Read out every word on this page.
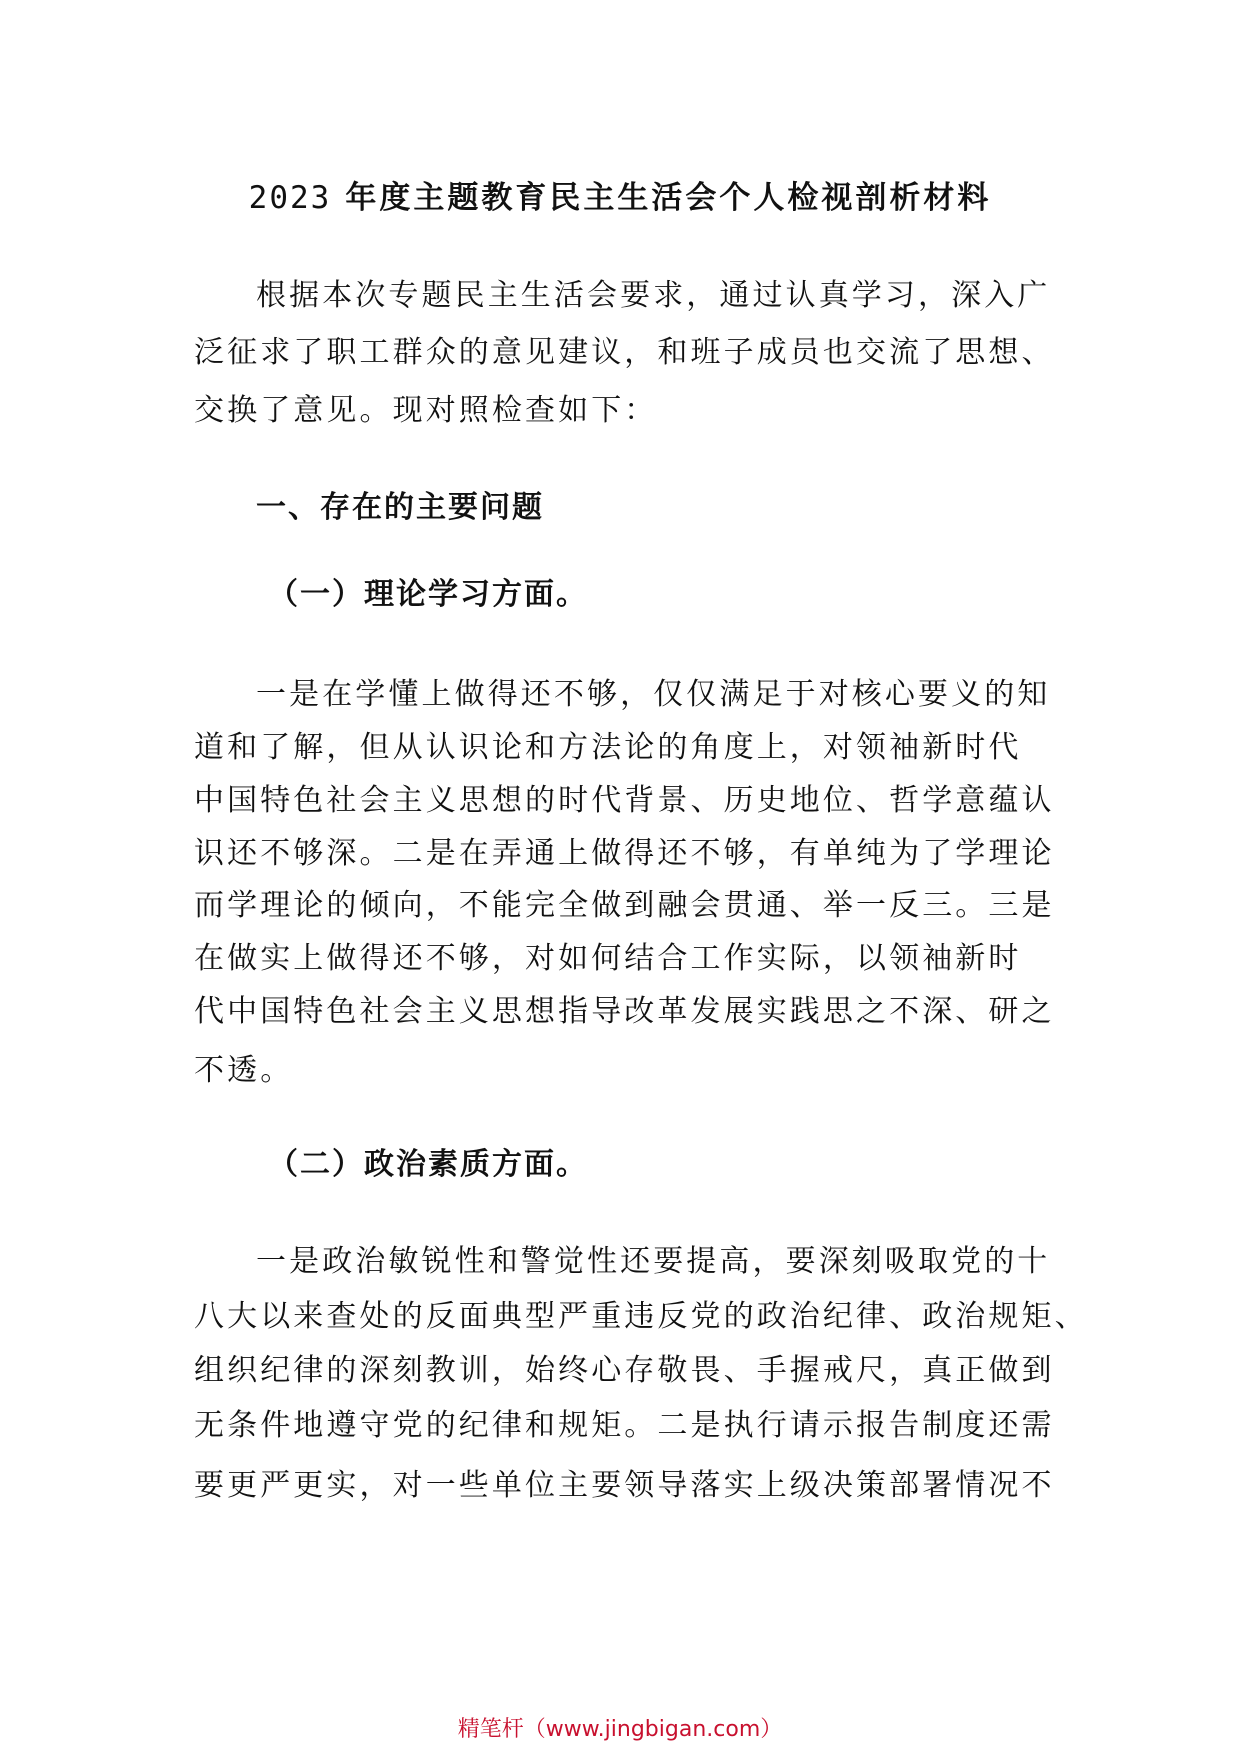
2023 年度主题教育民主生活会个人检视剖析材料
根据本次专题民主生活会要求，通过认真学习，深入广
泛征求了职工群众的意见建议，和班子成员也交流了思想、
交换了意见。现对照检查如下：
一、存在的主要问题
（一）理论学习方面。
一是在学懂上做得还不够，仅仅满足于对核心要义的知
道和了解，但从认识论和方法论的角度上，对领袖新时代
中国特色社会主义思想的时代背景、历史地位、哲学意蕴认
识还不够深。二是在弄通上做得还不够，有单纯为了学理论
而学理论的倾向，不能完全做到融会贯通、举一反三。三是
在做实上做得还不够，对如何结合工作实际，以领袖新时
代中国特色社会主义思想指导改革发展实践思之不深、研之
不透。
（二）政治素质方面。
一是政治敏锐性和警觉性还要提高，要深刻吸取党的十
八大以来查处的反面典型严重违反党的政治纪律、政治规矩、
组织纪律的深刻教训，始终心存敬畏、手握戒尺，真正做到
无条件地遵守党的纪律和规矩。二是执行请示报告制度还需
要更严更实，对一些单位主要领导落实上级决策部署情况不
精笔杆（www.jingbigan.com）
